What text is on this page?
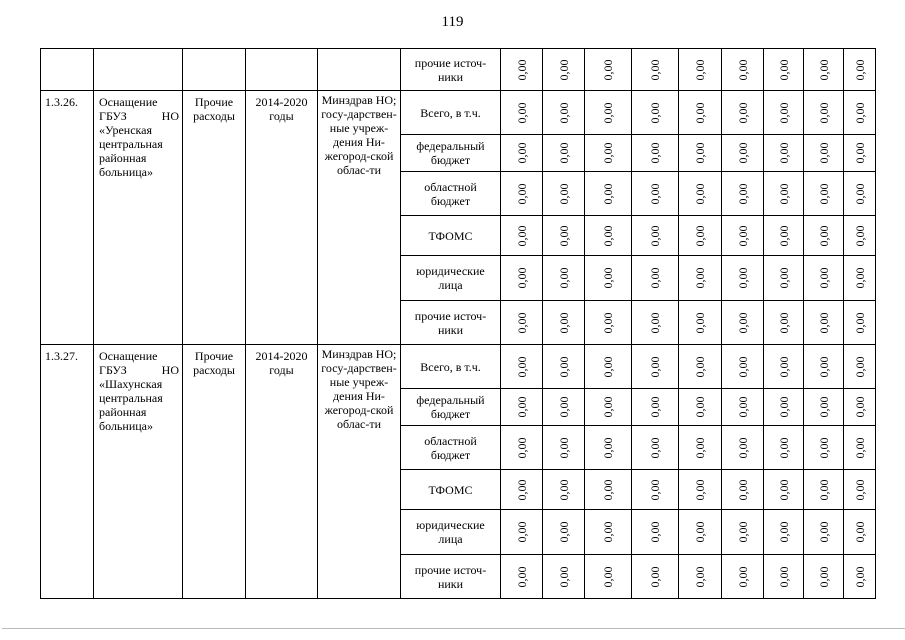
119
					прочие источ-ники	0,00	0,00	0,00	0,00	0,00	0,00	0,00	0,00	0,00

1.3.26.	Оснащение ГБУЗ НО «Уренская центральная районная больница»	Прочие расходы	2014-2020 годы	Минздрав НО; госу-дарствен-ные учреж-дения Ни-жегород-ской облас-ти	Всего, в т.ч.	0,00	0,00	0,00	0,00	0,00	0,00	0,00	0,00	0,00

					федеральный бюджет	0,00	0,00	0,00	0,00	0,00	0,00	0,00	0,00	0,00

					областной бюджет	0,00	0,00	0,00	0,00	0,00	0,00	0,00	0,00	0,00

					ТФОМС	0,00	0,00	0,00	0,00	0,00	0,00	0,00	0,00	0,00

					юридические лица	0,00	0,00	0,00	0,00	0,00	0,00	0,00	0,00	0,00

					прочие источ-ники	0,00	0,00	0,00	0,00	0,00	0,00	0,00	0,00	0,00

1.3.27.	Оснащение ГБУЗ НО «Шахунская центральная районная больница»	Прочие расходы	2014-2020 годы	Минздрав НО; госу-дарствен-ные учреж-дения Ни-жегород-ской облас-ти	Всего, в т.ч.	0,00	0,00	0,00	0,00	0,00	0,00	0,00	0,00	0,00

					федеральный бюджет	0,00	0,00	0,00	0,00	0,00	0,00	0,00	0,00	0,00

					областной бюджет	0,00	0,00	0,00	0,00	0,00	0,00	0,00	0,00	0,00

					ТФОМС	0,00	0,00	0,00	0,00	0,00	0,00	0,00	0,00	0,00

					юридические лица	0,00	0,00	0,00	0,00	0,00	0,00	0,00	0,00	0,00

					прочие источ-ники	0,00	0,00	0,00	0,00	0,00	0,00	0,00	0,00	0,00
